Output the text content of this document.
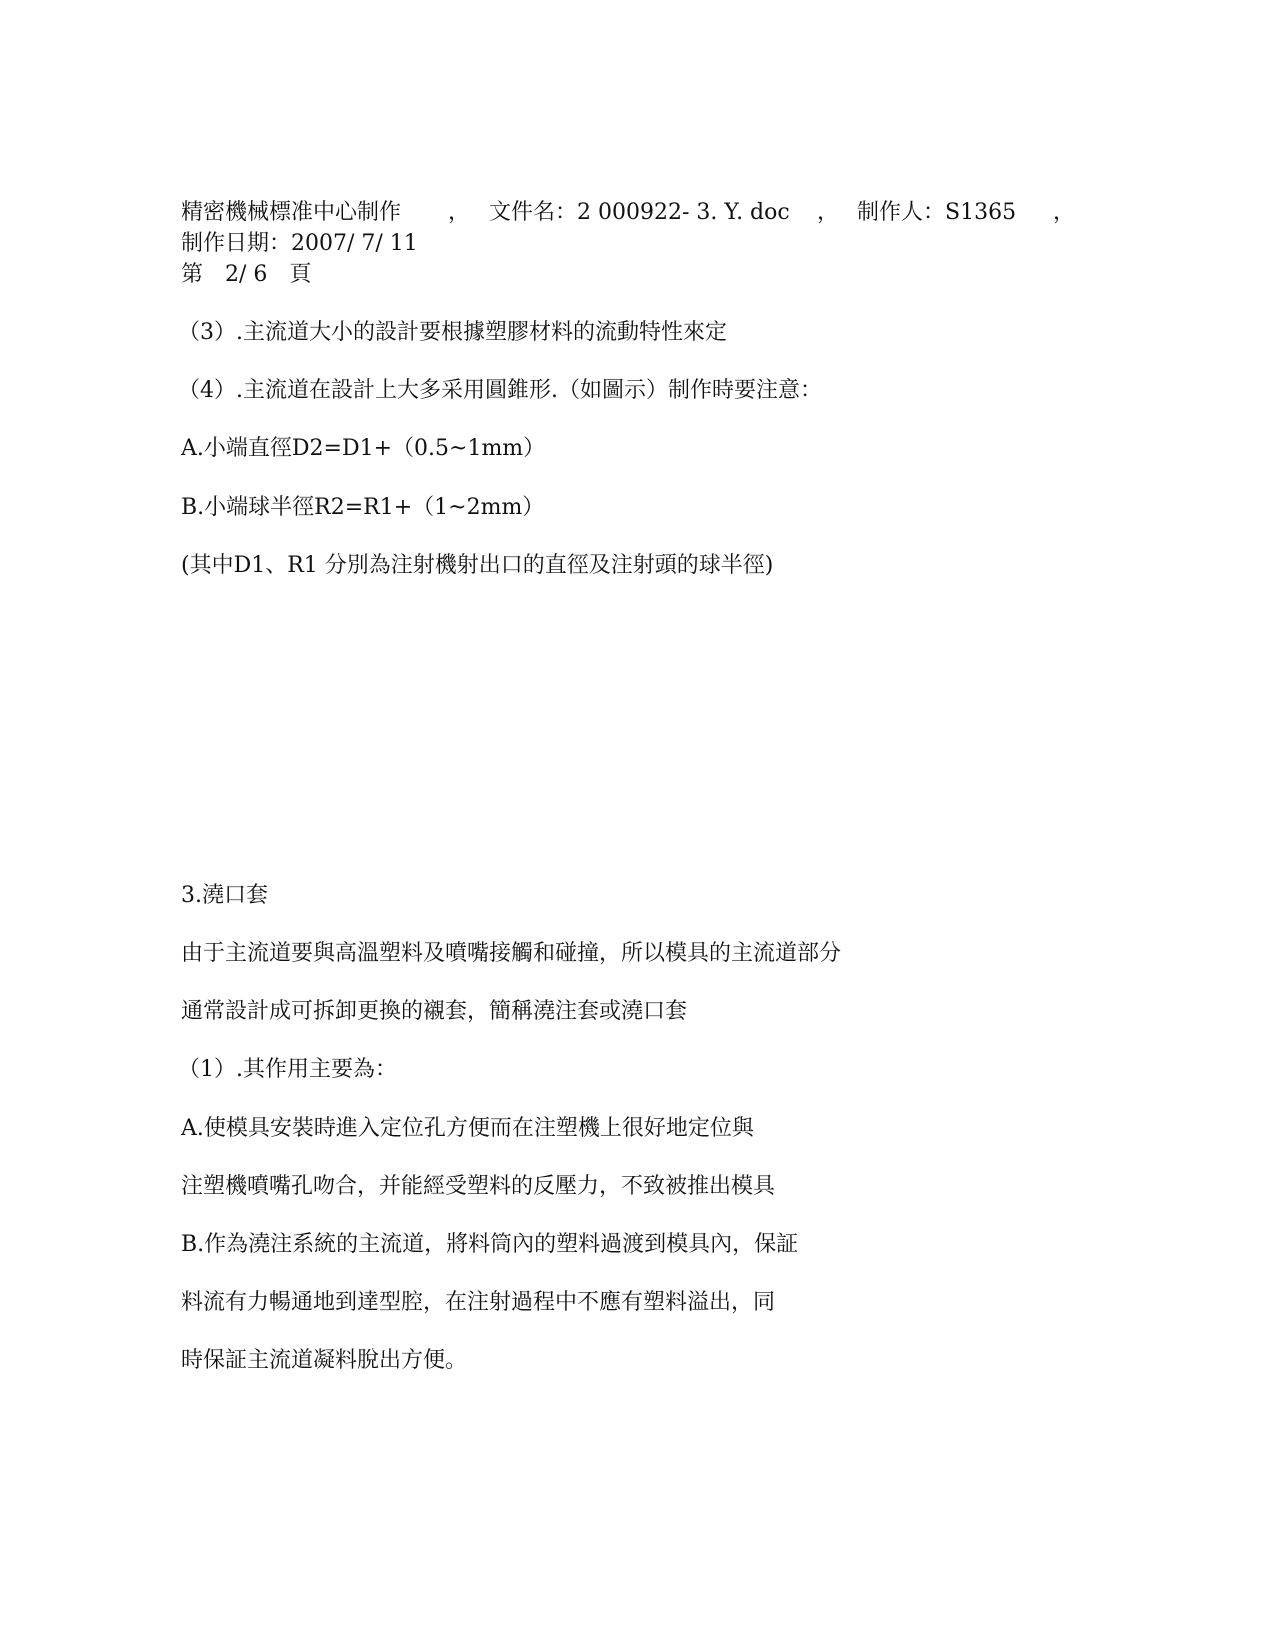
精密機械標准中心制作 ， 文件名：2 000922- 3. Y. doc ， 制作人：S1365 ，
制作日期：2007/ 7/ 11
第　2/ 6　頁
（3）.主流道大小的設計要根據塑膠材料的流動特性來定
（4）.主流道在設計上大多采用圓錐形.（如圖示）制作時要注意：
A.小端直徑D2=D1+（0.5~1mm）
B.小端球半徑R2=R1+（1~2mm）
(其中D1、R1 分別為注射機射出口的直徑及注射頭的球半徑)
3.澆口套
由于主流道要與高溫塑料及噴嘴接觸和碰撞，所以模具的主流道部分
通常設計成可拆卸更換的襯套，簡稱澆注套或澆口套
（1）.其作用主要為：
A.使模具安裝時進入定位孔方便而在注塑機上很好地定位與
注塑機噴嘴孔吻合，并能經受塑料的反壓力，不致被推出模具
B.作為澆注系統的主流道，將料筒內的塑料過渡到模具內，保証
料流有力暢通地到達型腔，在注射過程中不應有塑料溢出，同
時保証主流道凝料脫出方便。
